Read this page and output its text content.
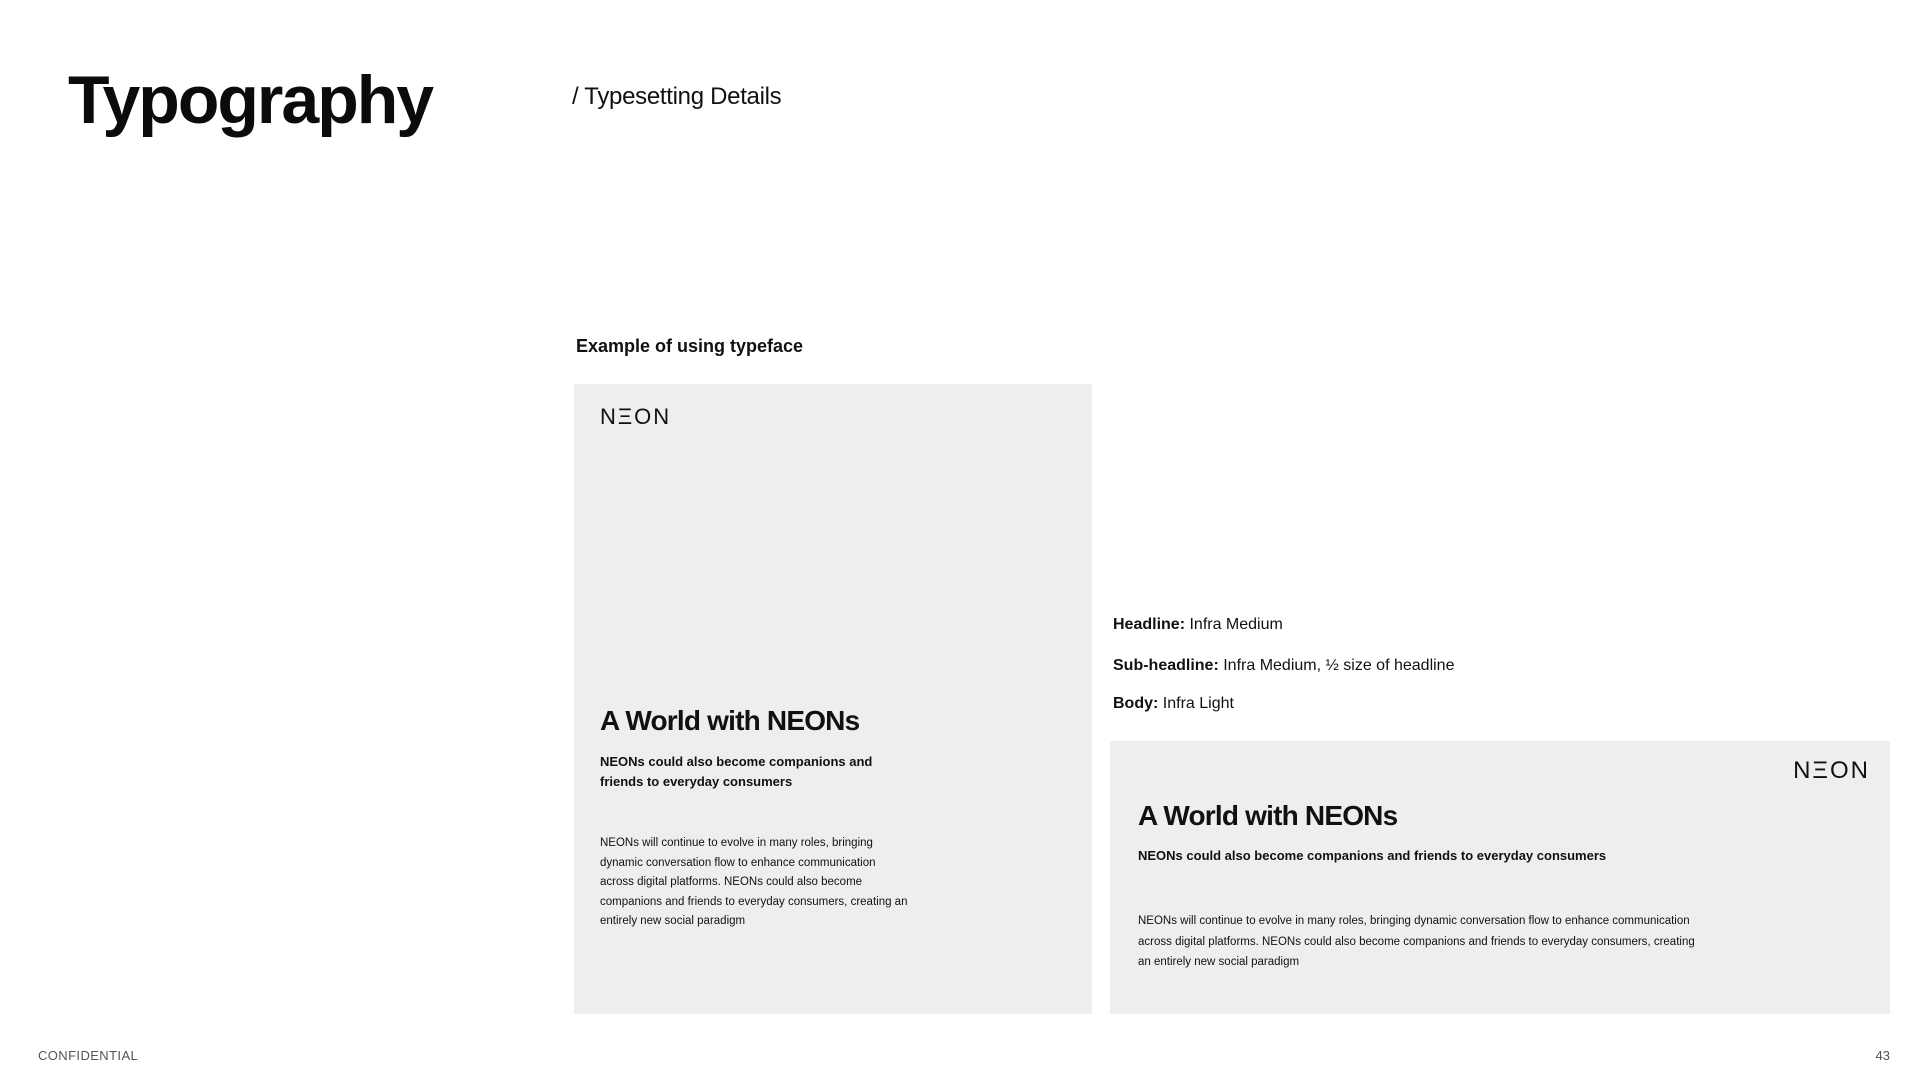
Typography	/ Typesetting Details
Example of using typeface
NΞON
A World with NEONs
NEONs could also become companions and friends to everyday consumers
NEONs will continue to evolve in many roles, bringing dynamic conversation flow to enhance communication across digital platforms. NEONs could also become companions and friends to everyday consumers, creating an entirely new social paradigm
Headline: Infra Medium
Sub-headline: Infra Medium, ½ size of headline
Body: Infra Light
NΞON
A World with NEONs
NEONs could also become companions and friends to everyday consumers
NEONs will continue to evolve in many roles, bringing dynamic conversation flow to enhance communication across digital platforms. NEONs could also become companions and friends to everyday consumers, creating an entirely new social paradigm
CONFIDENTIAL	43
